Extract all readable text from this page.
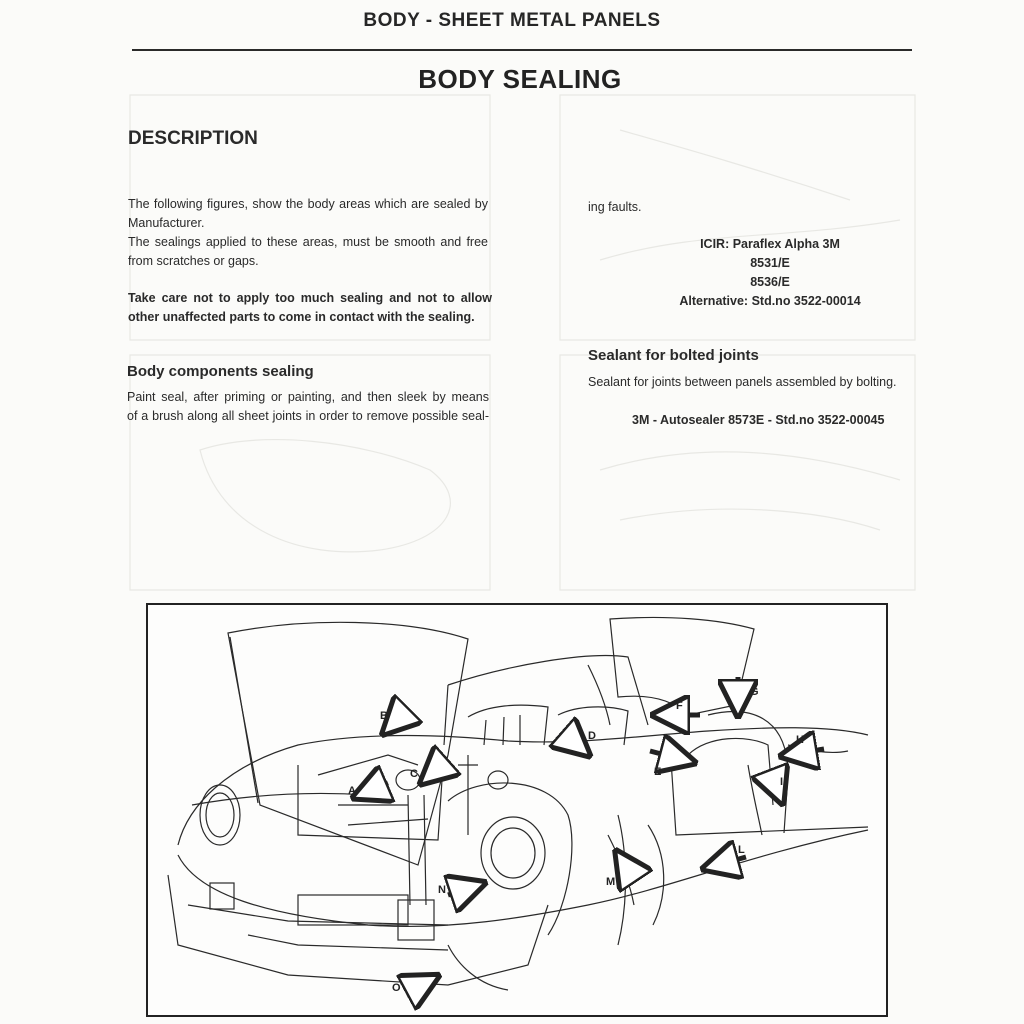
BODY - SHEET METAL PANELS
BODY SEALING
DESCRIPTION
The following figures, show the body areas which are sealed by
Manufacturer.
The sealings applied to these areas, must be smooth and free
from scratches or gaps.
Take care not to apply too much sealing and not to allow
other unaffected parts to come in contact with the sealing.
Body components sealing
Paint seal, after priming or painting, and then sleek by means
of a brush along all sheet joints in order to remove possible seal-
ing faults.
ICIR: Paraflex Alpha 3M
8531/E
8536/E
Alternative: Std.no 3522-00014
Sealant for bolted joints
Sealant for joints between panels assembled by bolting.
3M - Autosealer 8573E - Std.no 3522-00045
A
B
C
D
E
F
G
H
I
L
M
N
O
